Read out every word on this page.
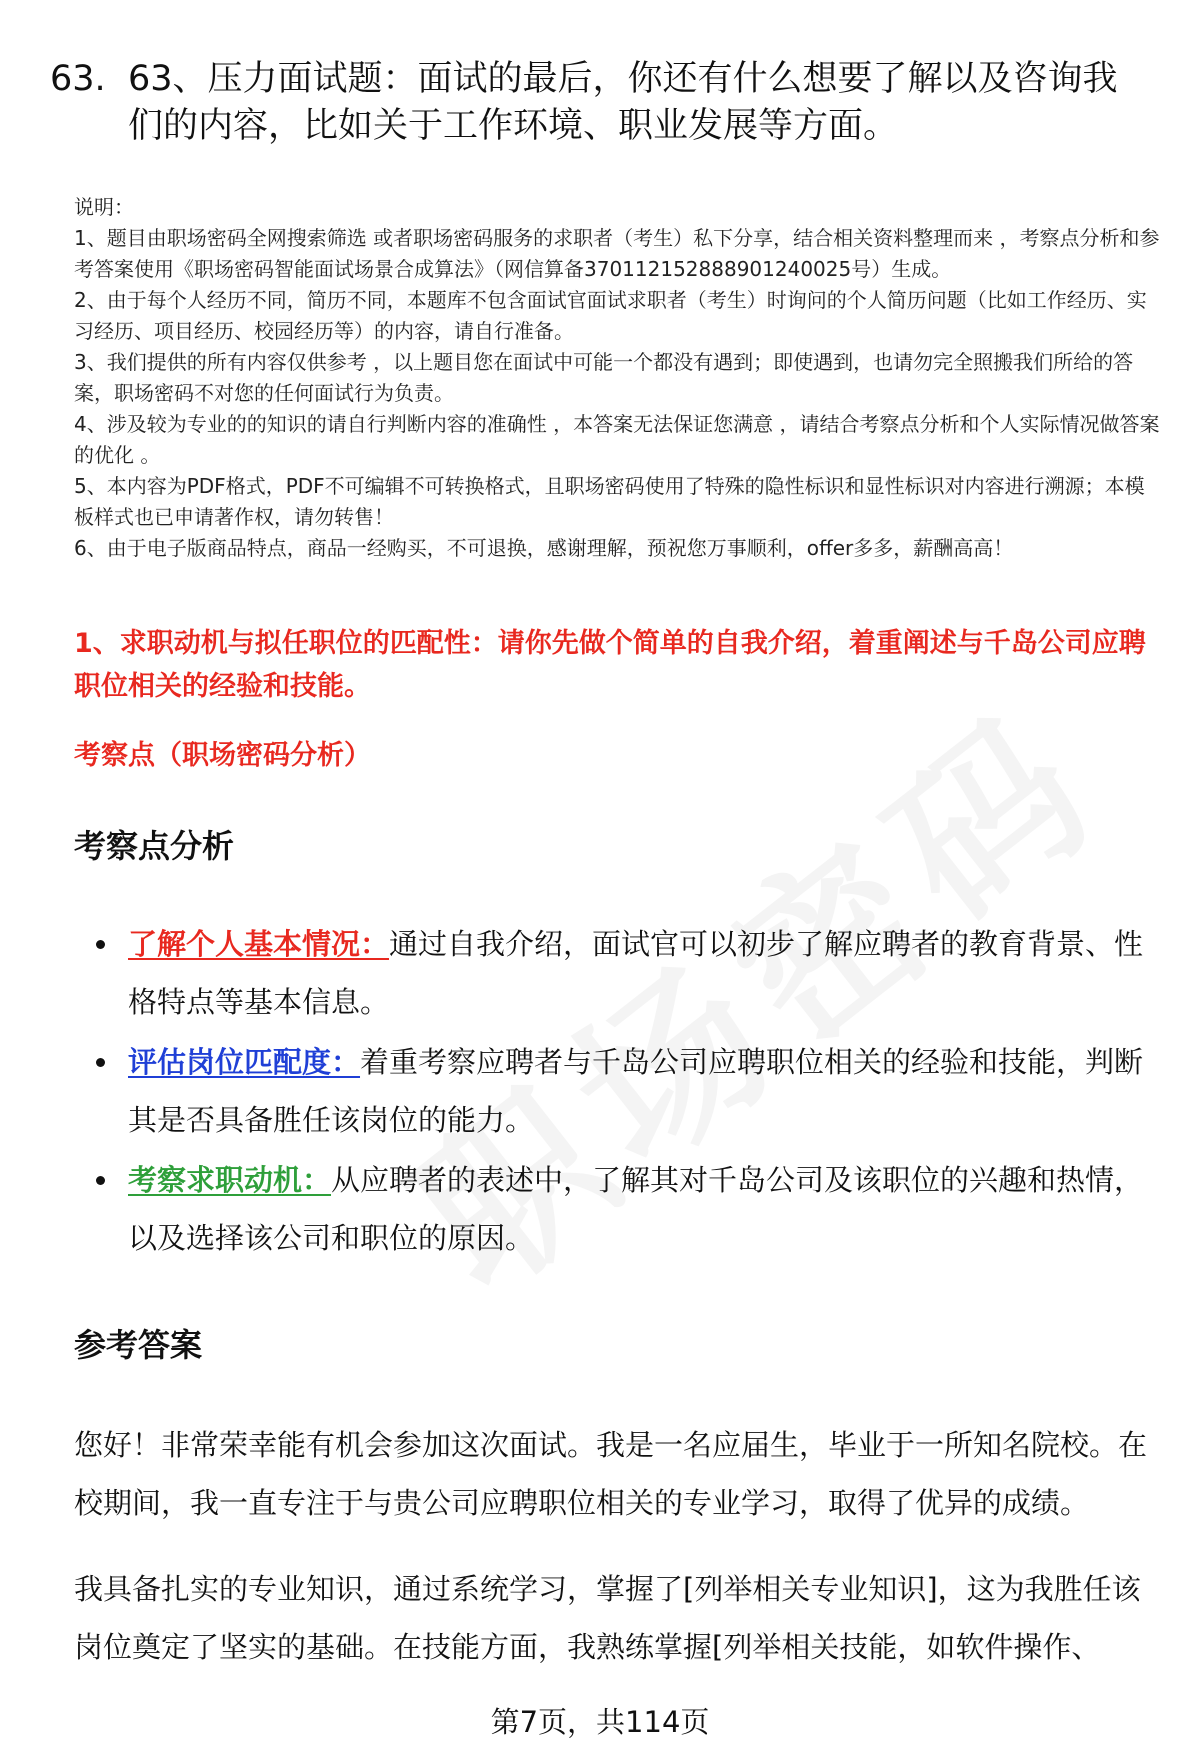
63. 63、压力面试题：面试的最后，你还有什么想要了解以及咨询我们的内容，比如关于工作环境、职业发展等方面。

说明：

1、题目由职场密码全网搜索筛选 或者职场密码服务的求职者（考生）私下分享，结合相关资料整理而来 ，考察点分析和参考答案使用《职场密码智能面试场景合成算法》（网信算备370112152888901240025号）生成。

2、由于每个人经历不同，简历不同，本题库不包含面试官面试求职者（考生）时询问的个人简历问题（比如工作经历、实习经历、项目经历、校园经历等）的内容，请自行准备。

3、我们提供的所有内容仅供参考 ，以上题目您在面试中可能一个都没有遇到；即使遇到，也请勿完全照搬我们所给的答案，职场密码不对您的任何面试行为负责。

4、涉及较为专业的的知识的请自行判断内容的准确性 ，本答案无法保证您满意 ，请结合考察点分析和个人实际情况做答案的优化 。

5、本内容为PDF格式，PDF不可编辑不可转换格式，且职场密码使用了特殊的隐性标识和显性标识对内容进行溯源；本模板样式也已申请著作权，请勿转售！

6、由于电子版商品特点，商品一经购买，不可退换，感谢理解，预祝您万事顺利，offer多多，薪酬高高！

1、求职动机与拟任职位的匹配性：请你先做个简单的自我介绍，着重阐述与千岛公司应聘职位相关的经验和技能。

考察点（职场密码分析）

考察点分析
了解个人基本情况：通过自我介绍，面试官可以初步了解应聘者的教育背景、性格特点等基本信息。
评估岗位匹配度：着重考察应聘者与千岛公司应聘职位相关的经验和技能，判断其是否具备胜任该岗位的能力。
考察求职动机：从应聘者的表述中，了解其对千岛公司及该职位的兴趣和热情，以及选择该公司和职位的原因。
参考答案

您好！非常荣幸能有机会参加这次面试。我是一名应届生，毕业于一所知名院校。在校期间，我一直专注于与贵公司应聘职位相关的专业学习，取得了优异的成绩。

我具备扎实的专业知识，通过系统学习，掌握了[列举相关专业知识]，这为我胜任该岗位奠定了坚实的基础。在技能方面，我熟练掌握[列举相关技能，如软件操作、

第7页，共114页
